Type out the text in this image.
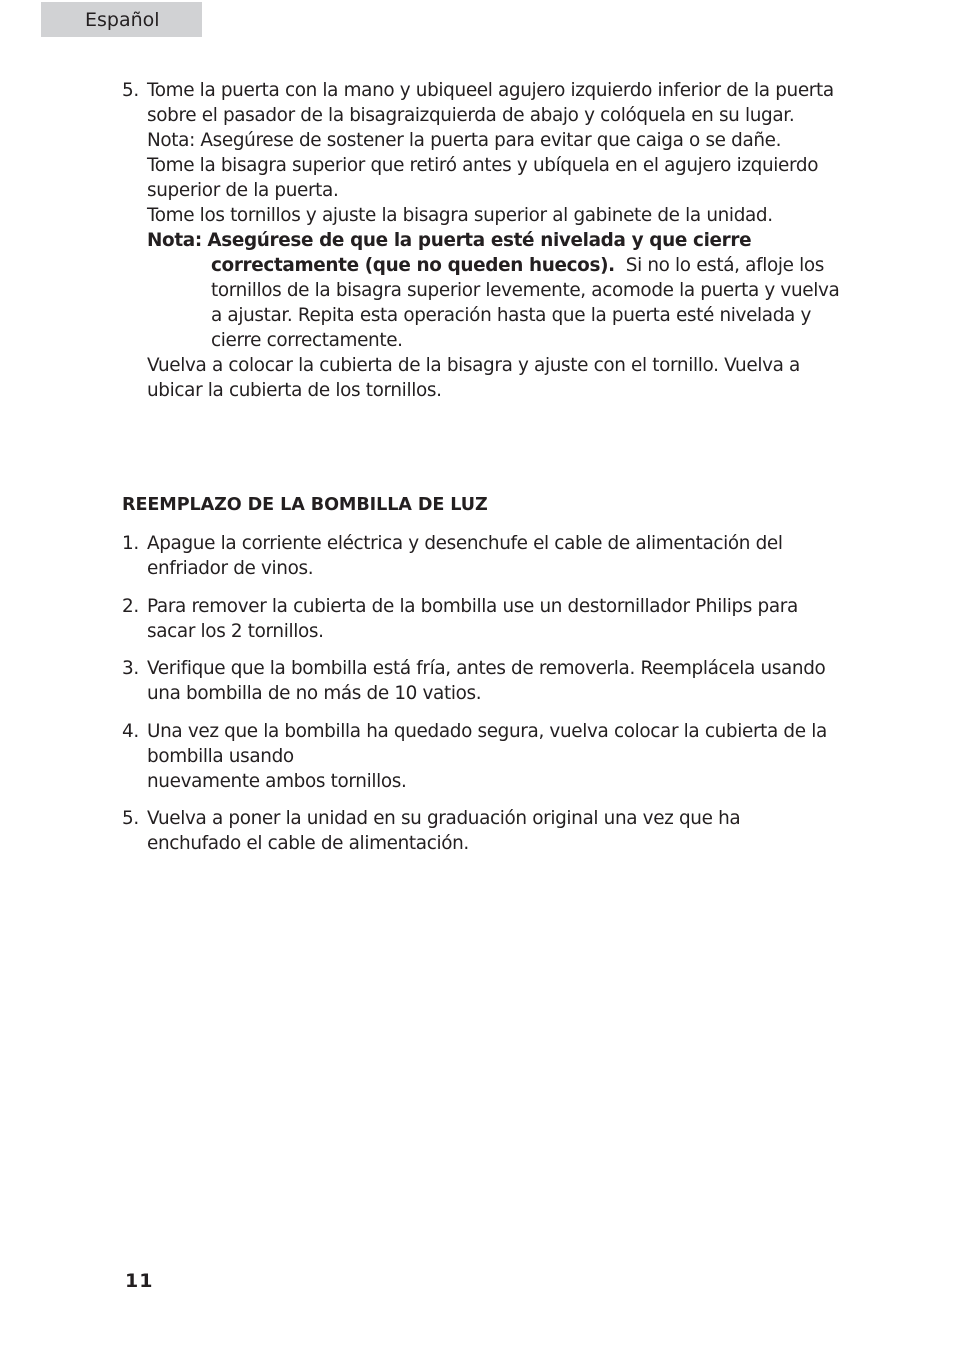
Español
5. Tome la puerta con la mano y ubiqueel agujero izquierdo inferior de la puerta
sobre el pasador de la bisagraizquierda de abajo y colóquela en su lugar.
Nota: Asegúrese de sostener la puerta para evitar que caiga o se dañe.
Tome la bisagra superior que retiró antes y ubíquela en el agujero izquierdo
superior de la puerta.
Tome los tornillos y ajuste la bisagra superior al gabinete de la unidad.
Nota: Asegúrese de que la puerta esté nivelada y que cierre
correctamente (que no queden huecos). Si no lo está, afloje los
tornillos de la bisagra superior levemente, acomode la puerta y vuelva
a ajustar. Repita esta operación hasta que la puerta esté nivelada y
cierre correctamente.
Vuelva a colocar la cubierta de la bisagra y ajuste con el tornillo. Vuelva a
ubicar la cubierta de los tornillos.
REEMPLAZO DE LA BOMBILLA DE LUZ
1. Apague la corriente eléctrica y desenchufe el cable de alimentación del
enfriador de vinos.
2. Para remover la cubierta de la bombilla use un destornillador Philips para
sacar los 2 tornillos.
3. Verifique que la bombilla está fría, antes de removerla. Reemplácela usando
una bombilla de no más de 10 vatios.
4. Una vez que la bombilla ha quedado segura, vuelva colocar la cubierta de la
bombilla usando
nuevamente ambos tornillos.
5. Vuelva a poner la unidad en su graduación original una vez que ha
enchufado el cable de alimentación.
11
